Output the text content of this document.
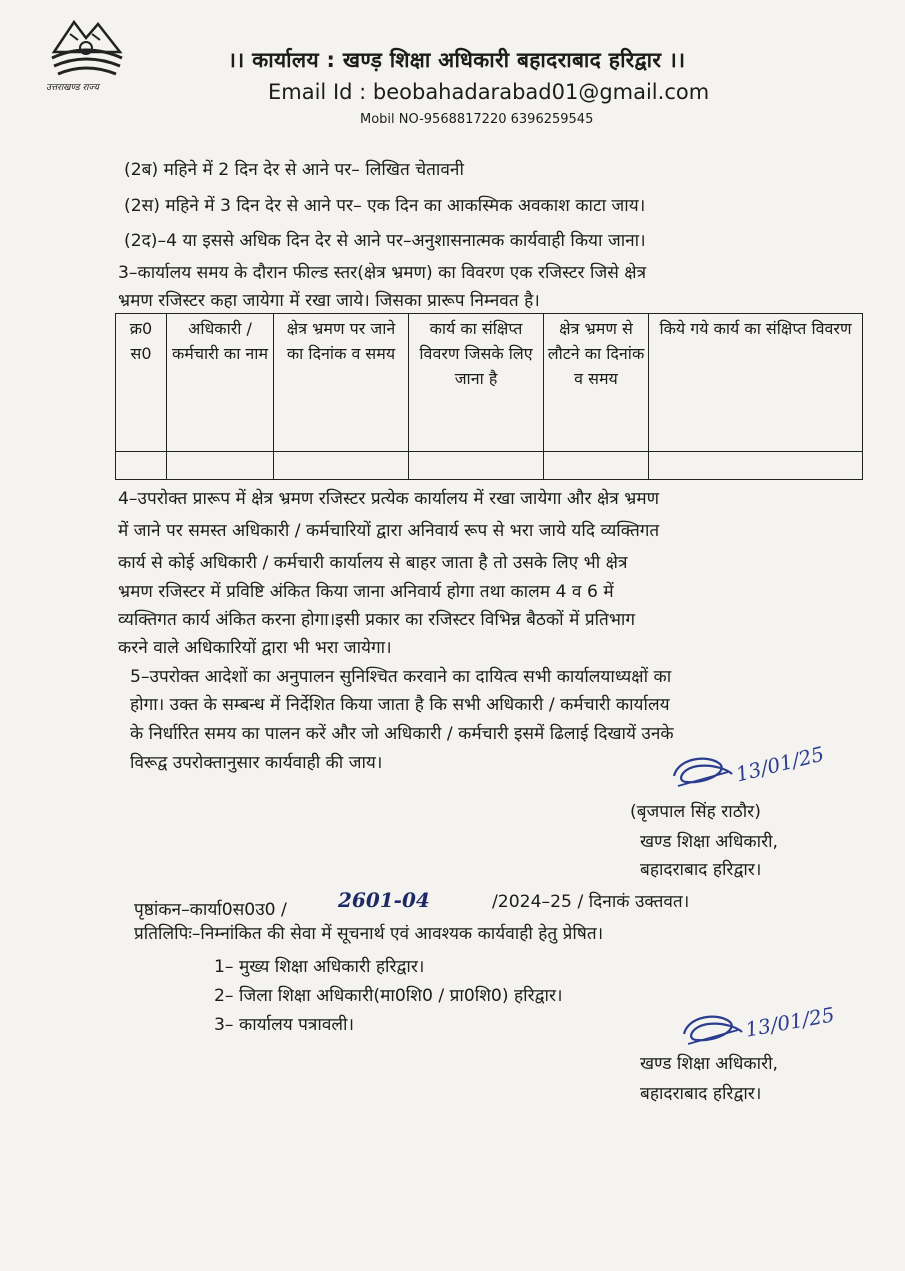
उत्तराखण्ड राज्य
।। कार्यालय : खण्ड़ शिक्षा अधिकारी बहादराबाद हरिद्वार ।।
Email Id : beobahadarabad01@gmail.com
Mobil NO-9568817220 6396259545
(2ब) महिने में 2 दिन देर से आने पर– लिखित चेतावनी
(2स) महिने में 3 दिन देर से आने पर– एक दिन का आकस्मिक अवकाश काटा जाय।
(2द)–4 या इससे अधिक दिन देर से आने पर–अनुशासनात्मक कार्यवाही किया जाना।
3–कार्यालय समय के दौरान फील्ड स्तर(क्षेत्र भ्रमण) का विवरण एक रजिस्टर जिसे क्षेत्र
भ्रमण रजिस्टर कहा जायेगा में रखा जाये। जिसका प्रारूप निम्नवत है।
क्र0 स0	अधिकारी / कर्मचारी का नाम	क्षेत्र भ्रमण पर जाने का दिनांक व समय	कार्य का संक्षिप्त विवरण जिसके लिए जाना है	क्षेत्र भ्रमण से लौटने का दिनांक व समय	किये गये कार्य का संक्षिप्त विवरण

4–उपरोक्त प्रारूप में क्षेत्र भ्रमण रजिस्टर प्रत्येक कार्यालय में रखा जायेगा और क्षेत्र भ्रमण
में जाने पर समस्त अधिकारी / कर्मचारियों द्वारा अनिवार्य रूप से भरा जाये यदि व्यक्तिगत
कार्य से कोई अधिकारी / कर्मचारी कार्यालय से बाहर जाता है तो उसके लिए भी क्षेत्र
भ्रमण रजिस्टर में प्रविष्टि अंकित किया जाना अनिवार्य होगा तथा कालम 4 व 6 में
व्यक्तिगत कार्य अंकित करना होगा।इसी प्रकार का रजिस्टर विभिन्न बैठकों में प्रतिभाग
करने वाले अधिकारियों द्वारा भी भरा जायेगा।
5–उपरोक्त आदेशों का अनुपालन सुनिश्चित करवाने का दायित्व सभी कार्यालयाध्यक्षों का
होगा। उक्त के सम्बन्ध में निर्देशित किया जाता है कि सभी अधिकारी / कर्मचारी कार्यालय
के निर्धारित समय का पालन करें और जो अधिकारी / कर्मचारी इसमें ढिलाई दिखायें उनके
विरूद्व उपरोक्तानुसार कार्यवाही की जाय।	13/01/25
(बृजपाल सिंह राठौर)
खण्ड शिक्षा अधिकारी,
बहादराबाद हरिद्वार।
पृष्ठांकन–कार्या0स0उ0 /	2601-04	/2024–25 / दिनाकं उक्तवत।
प्रतिलिपिः–निम्नांकित की सेवा में सूचनार्थ एवं आवश्यक कार्यवाही हेतु प्रेषित।
1– मुख्य शिक्षा अधिकारी हरिद्वार।
2– जिला शिक्षा अधिकारी(मा0शि0 / प्रा0शि0) हरिद्वार।
3– कार्यालय पत्रावली।	13/01/25
खण्ड शिक्षा अधिकारी,
बहादराबाद हरिद्वार।
